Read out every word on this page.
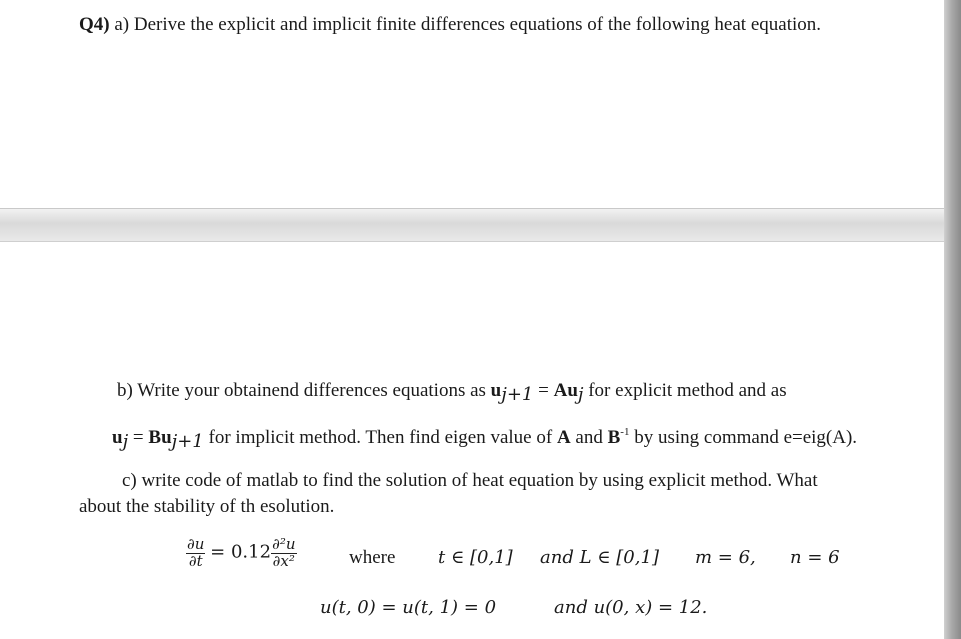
Q4) a) Derive the explicit and implicit finite differences equations of the following heat equation.
b) Write your obtainend differences equations as $u_{j+1} = Au_j$ for explicit method and as
$u_j = Bu_{j+1}$ for implicit method. Then find eigen value of A and $B^{-1}$ by using command e=eig(A).
c) write code of matlab to find the solution of heat equation by using explicit method. What
about the stability of th esolution.
$\frac{\partial u}{\partial t} = 0.12 \frac{\text{∂²u}}{\text{∂x²}}$	where t ∈ [0,1] and L ∈ [0,1] m = 6, n = 6
u(t, 0) = u(t, 1) = 0	and u(0, x) = 12.
